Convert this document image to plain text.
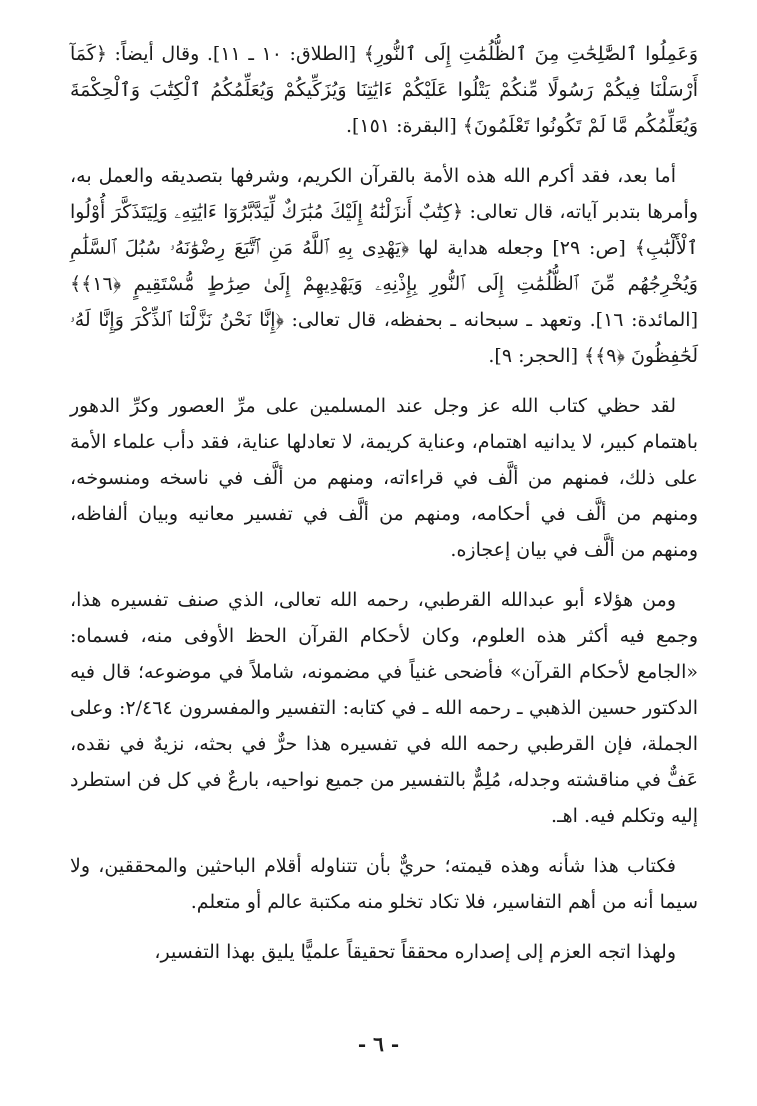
وَعَمِلُوا ٱلصَّٰلِحَٰتِ مِنَ ٱلظُّلُمَٰتِ إِلَى ٱلنُّورِ﴾ [الطلاق: ١٠ ـ ١١]. وقال أيضاً: ﴿كَمَآ أَرْسَلْنَا فِيكُمْ رَسُولًا مِّنكُمْ يَتْلُوا عَلَيْكُمْ ءَايَٰتِنَا وَيُزَكِّيكُمْ وَيُعَلِّمُكُمُ ٱلْكِتَٰبَ وَٱلْحِكْمَةَ وَيُعَلِّمُكُم مَّا لَمْ تَكُونُوا تَعْلَمُونَ﴾ [البقرة: ١٥١].

أما بعد، فقد أكرم الله هذه الأمة بالقرآن الكريم، وشرفها بتصديقه والعمل به، وأمرها بتدبر آياته، قال تعالى: ﴿كِتَٰبٌ أَنزَلْنَٰهُ إِلَيْكَ مُبَٰرَكٌ لِّيَدَّبَّرُوٓا ءَايَٰتِهِۦ وَلِيَتَذَكَّرَ أُوْلُوا ٱلْأَلْبَٰبِ﴾ [ص: ٢٩] وجعله هداية لها ﴿يَهْدِى بِهِ ٱللَّهُ مَنِ ٱتَّبَعَ رِضْوَٰنَهُۥ سُبُلَ ٱلسَّلَٰمِ وَيُخْرِجُهُم مِّنَ ٱلظُّلُمَٰتِ إِلَى ٱلنُّورِ بِإِذْنِهِۦ وَيَهْدِيهِمْ إِلَىٰ صِرَٰطٍ مُّسْتَقِيمٍ ﴿١٦﴾﴾ [المائدة: ١٦]. وتعهد ـ سبحانه ـ بحفظه، قال تعالى: ﴿إِنَّا نَحْنُ نَزَّلْنَا ٱلذِّكْرَ وَإِنَّا لَهُۥ لَحَٰفِظُونَ ﴿٩﴾﴾ [الحجر: ٩].

لقد حظي كتاب الله عز وجل عند المسلمين على مرِّ العصور وكرِّ الدهور باهتمام كبير، لا يدانيه اهتمام، وعناية كريمة، لا تعادلها عناية، فقد دأب علماء الأمة على ذلك، فمنهم من ألَّف في قراءاته، ومنهم من ألَّف في ناسخه ومنسوخه، ومنهم من ألَّف في أحكامه، ومنهم من ألَّف في تفسير معانيه وبيان ألفاظه، ومنهم من ألَّف في بيان إعجازه.

ومن هؤلاء أبو عبدالله القرطبي، رحمه الله تعالى، الذي صنف تفسيره هذا، وجمع فيه أكثر هذه العلوم، وكان لأحكام القرآن الحظ الأوفى منه، فسماه: «الجامع لأحكام القرآن» فأضحى غنياً في مضمونه، شاملاً في موضوعه؛ قال فيه الدكتور حسين الذهبي ـ رحمه الله ـ في كتابه: التفسير والمفسرون ٢/٤٦٤: وعلى الجملة، فإن القرطبي رحمه الله في تفسيره هذا حرٌّ في بحثه، نزيهٌ في نقده، عَفٌّ في مناقشته وجدله، مُلِمٌّ بالتفسير من جميع نواحيه، بارعٌ في كل فن استطرد إليه وتكلم فيه. اهـ.

فكتاب هذا شأنه وهذه قيمته؛ حريٌّ بأن تتناوله أقلام الباحثين والمحققين، ولا سيما أنه من أهم التفاسير، فلا تكاد تخلو منه مكتبة عالم أو متعلم.

ولهذا اتجه العزم إلى إصداره محققاً تحقيقاً علميًّا يليق بهذا التفسير،

- ٦ -
